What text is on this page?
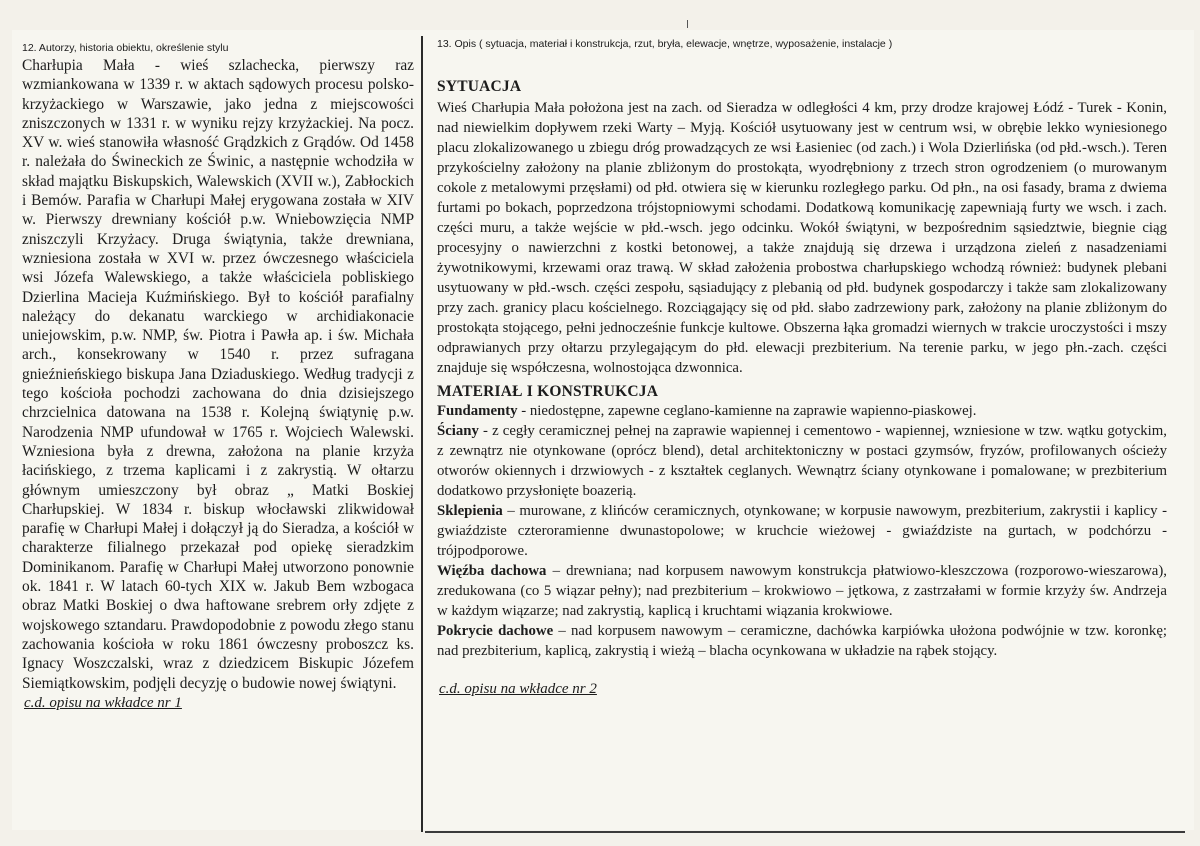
12. Autorzy, historia obiektu, określenie stylu

Charłupia Mała - wieś szlachecka, pierwszy raz wzmiankowana w 1339 r. w aktach sądowych procesu polsko-krzyżackiego w Warszawie, jako jedna z miejscowości zniszczonych w 1331 r. w wyniku rejzy krzyżackiej. Na pocz. XV w. wieś stanowiła własność Grądzkich z Grądów. Od 1458 r. należała do Świneckich ze Świnic, a następnie wchodziła w skład majątku Biskupskich, Walewskich (XVII w.), Zabłockich i Bemów. Parafia w Charłupi Małej erygowana została w XIV w. Pierwszy drewniany kościół p.w. Wniebowzięcia NMP zniszczyli Krzyżacy. Druga świątynia, także drewniana, wzniesiona została w XVI w. przez ówczesnego właściciela wsi Józefa Walewskiego, a także właściciela pobliskiego Dzierlina Macieja Kuźmińskiego. Był to kościół parafialny należący do dekanatu warckiego w archidiakonacie uniejowskim, p.w. NMP, św. Piotra i Pawła ap. i św. Michała arch., konsekrowany w 1540 r. przez sufragana gnieźnieńskiego biskupa Jana Dziaduskiego. Według tradycji z tego kościoła pochodzi zachowana do dnia dzisiejszego chrzcielnica datowana na 1538 r. Kolejną świątynię p.w. Narodzenia NMP ufundował w 1765 r. Wojciech Walewski. Wzniesiona była z drewna, założona na planie krzyża łacińskiego, z trzema kaplicami i z zakrystią. W ołtarzu głównym umieszczony był obraz „ Matki Boskiej Charłupskiej. W 1834 r. biskup włocławski zlikwidował parafię w Charłupi Małej i dołączył ją do Sieradza, a kościół w charakterze filialnego przekazał pod opiekę sieradzkim Dominikanom. Parafię w Charłupi Małej utworzono ponownie ok. 1841 r. W latach 60-tych XIX w. Jakub Bem wzbogaca obraz Matki Boskiej o dwa haftowane srebrem orły zdjęte z wojskowego sztandaru. Prawdopodobnie z powodu złego stanu zachowania kościoła w roku 1861 ówczesny proboszcz ks. Ignacy Woszczalski, wraz z dziedzicem Biskupic Józefem Siemiątkowskim, podjęli decyzję o budowie nowej świątyni.

c.d. opisu na wkładce nr 1

13. Opis ( sytuacja, materiał i konstrukcja, rzut, bryła, elewacje, wnętrze, wyposażenie, instalacje )

SYTUACJA

Wieś Charłupia Mała położona jest na zach. od Sieradza w odległości 4 km, przy drodze krajowej Łódź - Turek - Konin, nad niewielkim dopływem rzeki Warty – Myją. Kościół usytuowany jest w centrum wsi, w obrębie lekko wyniesionego placu zlokalizowanego u zbiegu dróg prowadzących ze wsi Łasieniec (od zach.) i Wola Dzierlińska (od płd.-wsch.). Teren przykościelny założony na planie zbliżonym do prostokąta, wyodrębniony z trzech stron ogrodzeniem (o murowanym cokole z metalowymi przęsłami) od płd. otwiera się w kierunku rozległego parku. Od płn., na osi fasady, brama z dwiema furtami po bokach, poprzedzona trójstopniowymi schodami. Dodatkową komunikację zapewniają furty we wsch. i zach. części muru, a także wejście w płd.-wsch. jego odcinku. Wokół świątyni, w bezpośrednim sąsiedztwie, biegnie ciąg procesyjny o nawierzchni z kostki betonowej, a także znajdują się drzewa i urządzona zieleń z nasadzeniami żywotnikowymi, krzewami oraz trawą. W skład założenia probostwa charłupskiego wchodzą również: budynek plebani usytuowany w płd.-wsch. części zespołu, sąsiadujący z plebanią od płd. budynek gospodarczy i także sam zlokalizowany przy zach. granicy placu kościelnego. Rozciągający się od płd. słabo zadrzewiony park, założony na planie zbliżonym do prostokąta stojącego, pełni jednocześnie funkcje kultowe. Obszerna łąka gromadzi wiernych w trakcie uroczystości i mszy odprawianych przy ołtarzu przylegającym do płd. elewacji prezbiterium. Na terenie parku, w jego płn.-zach. części znajduje się współczesna, wolnostojąca dzwonnica.

MATERIAŁ I KONSTRUKCJA

Fundamenty - niedostępne, zapewne ceglano-kamienne na zaprawie wapienno-piaskowej.

Ściany - z cegły ceramicznej pełnej na zaprawie wapiennej i cementowo - wapiennej, wzniesione w tzw. wątku gotyckim, z zewnątrz nie otynkowane (oprócz blend), detal architektoniczny w postaci gzymsów, fryzów, profilowanych ościeży otworów okiennych i drzwiowych - z kształtek ceglanych. Wewnątrz ściany otynkowane i pomalowane; w prezbiterium dodatkowo przysłonięte boazerią.

Sklepienia – murowane, z klińców ceramicznych, otynkowane; w korpusie nawowym, prezbiterium, zakrystii i kaplicy - gwiaździste czteroramienne dwunastopolowe; w kruchcie wieżowej - gwiaździste na gurtach, w podchórzu - trójpodporowe.

Więźba dachowa – drewniana; nad korpusem nawowym konstrukcja płatwiowo-kleszczowa (rozporowo-wieszarowa), zredukowana (co 5 wiązar pełny); nad prezbiterium – krokwiowo – jętkowa, z zastrzałami w formie krzyży św. Andrzeja w każdym wiązarze; nad zakrystią, kaplicą i kruchtami wiązania krokwiowe.

Pokrycie dachowe – nad korpusem nawowym – ceramiczne, dachówka karpiówka ułożona podwójnie w tzw. koronkę; nad prezbiterium, kaplicą, zakrystią i wieżą – blacha ocynkowana w układzie na rąbek stojący.

c.d. opisu na wkładce nr 2
